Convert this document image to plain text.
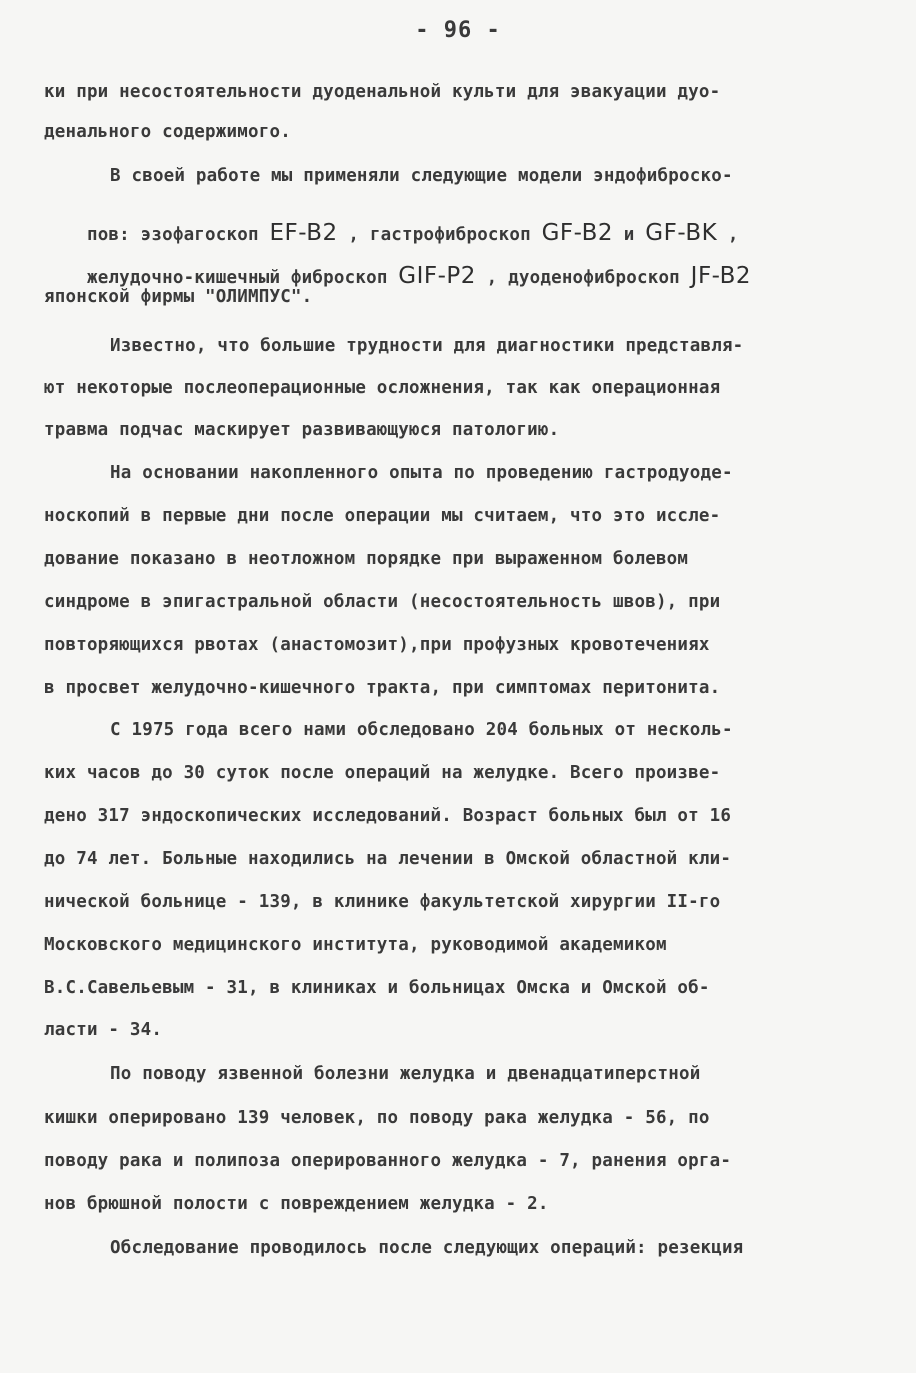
- 96 -
ки при несостоятельности дуоденальной культи для эвакуации дуо-
денального содержимого.
В своей работе мы применяли следующие модели эндофиброско-

пов: эзофагоскоп EF-B2 , гастрофиброскоп GF-B2 и GF-BK ,

желудочно-кишечный фиброскоп GIF-P2 , дуоденофиброскоп JF-B2

японской фирмы "ОЛИМПУС".
Известно, что большие трудности для диагностики представля-
ют некоторые послеоперационные осложнения, так как операционная
травма подчас маскирует развивающуюся патологию.
На основании накопленного опыта по проведению гастродуоде-
носкопий в первые дни после операции мы считаем, что это иссле-
дование показано в неотложном порядке при выраженном болевом
синдроме в эпигастральной области (несостоятельность швов), при
повторяющихся рвотах (анастомозит),при профузных кровотечениях
в просвет желудочно-кишечного тракта, при симптомах перитонита.
С 1975 года всего нами обследовано 204 больных от несколь-
ких часов до 30 суток после операций на желудке. Всего произве-
дено 317 эндоскопических исследований. Возраст больных был от 16
до 74 лет. Больные находились на лечении в Омской областной кли-
нической больнице - 139, в клинике факультетской хирургии II-го
Московского медицинского института, руководимой академиком
В.С.Савельевым - 31, в клиниках и больницах Омска и Омской об-
ласти - 34.
По поводу язвенной болезни желудка и двенадцатиперстной
кишки оперировано 139 человек, по поводу рака желудка - 56, по
поводу рака и полипоза оперированного желудка - 7, ранения орга-
нов брюшной полости с повреждением желудка - 2.
Обследование проводилось после следующих операций: резекция
